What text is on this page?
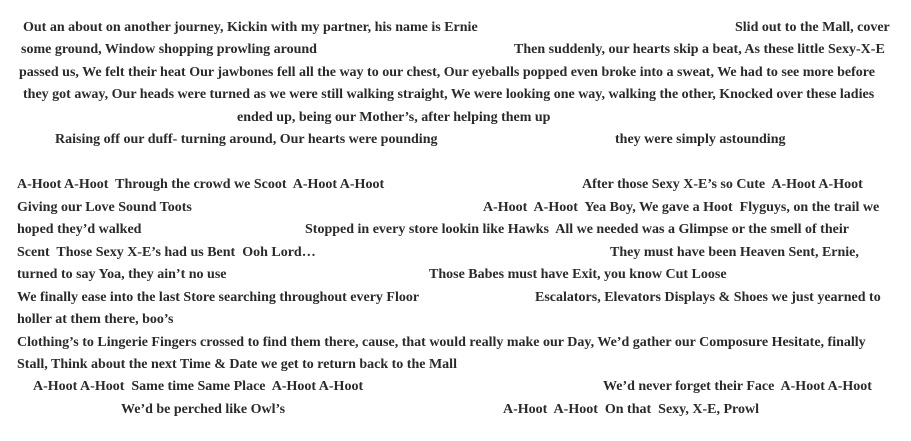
Out an about on another journey, Kickin with my partner, his name is Ernie	Slid out to the Mall, cover
some ground, Window shopping prowling around	Then suddenly, our hearts skip a beat, As these little Sexy-X-E
passed us, We felt their heat Our jawbones fell all the way to our chest, Our eyeballs popped even broke into a sweat, We had to see more before
they got away, Our heads were turned as we were still walking straight, We were looking one way, walking the other, Knocked over these ladies
ended up, being our Mother’s, after helping them up
Raising off our duff- turning around, Our hearts were pounding	they were simply astounding
A-Hoot A-Hoot  Through the crowd we Scoot  A-Hoot A-Hoot	After those Sexy X-E’s so Cute  A-Hoot A-Hoot
Giving our Love Sound Toots	A-Hoot  A-Hoot  Yea Boy, We gave a Hoot  Flyguys, on the trail we
hoped they’d walked	Stopped in every store lookin like Hawks  All we needed was a Glimpse or the smell of their
Scent  Those Sexy X-E’s had us Bent  Ooh Lord…	They must have been Heaven Sent, Ernie,
turned to say Yoa, they ain’t no use	Those Babes must have Exit, you know Cut Loose
We finally ease into the last Store searching throughout every Floor	Escalators, Elevators Displays & Shoes we just yearned to
holler at them there, boo’s
Clothing’s to Lingerie Fingers crossed to find them there, cause, that would really make our Day, We’d gather our Composure Hesitate, finally
Stall, Think about the next Time & Date we get to return back to the Mall
A-Hoot A-Hoot  Same time Same Place  A-Hoot A-Hoot	We’d never forget their Face  A-Hoot A-Hoot
We’d be perched like Owl’s	A-Hoot  A-Hoot  On that  Sexy, X-E, Prowl
